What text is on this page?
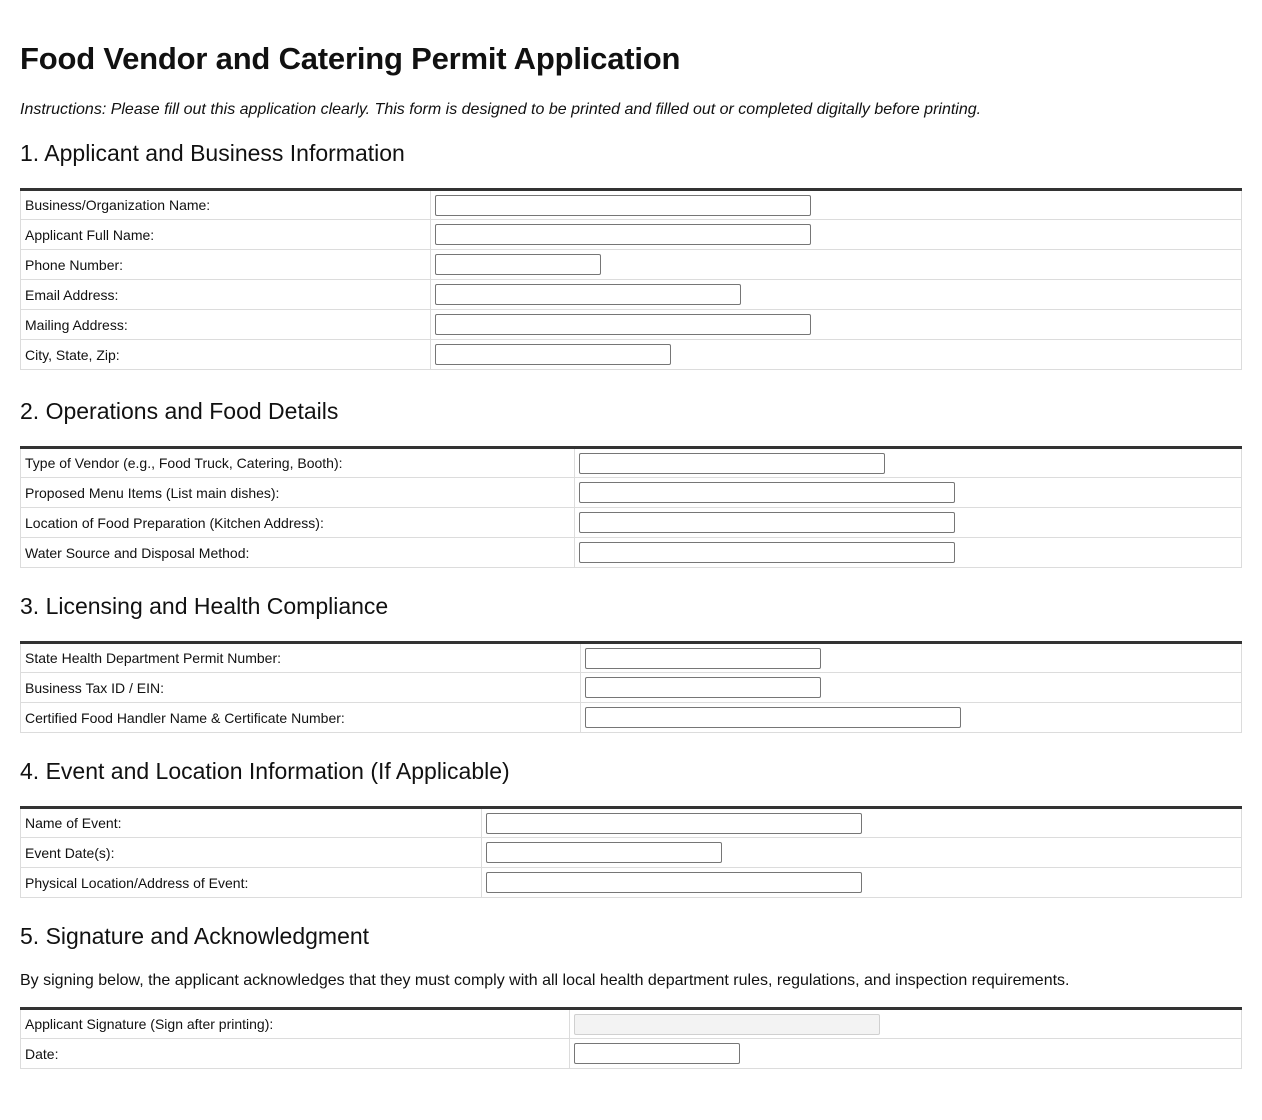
Food Vendor and Catering Permit Application

Instructions: Please fill out this application clearly. This form is designed to be printed and filled out or completed digitally before printing.

1. Applicant and Business Information
Business/Organization Name:	
Applicant Full Name:	
Phone Number:	
Email Address:	
Mailing Address:	
City, State, Zip:	
2. Operations and Food Details
Type of Vendor (e.g., Food Truck, Catering, Booth):	
Proposed Menu Items (List main dishes):	
Location of Food Preparation (Kitchen Address):	
Water Source and Disposal Method:	
3. Licensing and Health Compliance
State Health Department Permit Number:	
Business Tax ID / EIN:	
Certified Food Handler Name & Certificate Number:	
4. Event and Location Information (If Applicable)
Name of Event:	
Event Date(s):	
Physical Location/Address of Event:	
5. Signature and Acknowledgment

By signing below, the applicant acknowledges that they must comply with all local health department rules, regulations, and inspection requirements.

Applicant Signature (Sign after printing):	
Date:	
